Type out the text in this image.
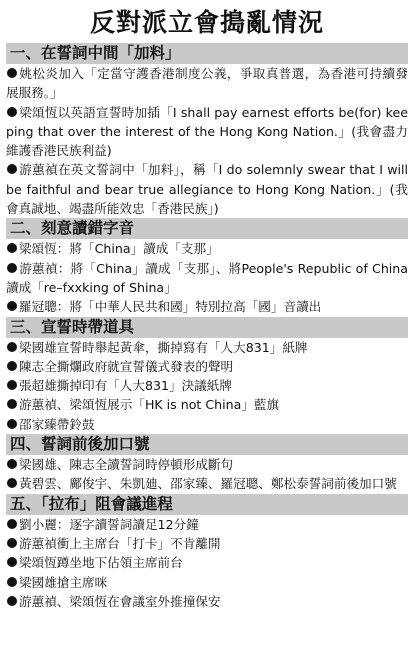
反對派立會搗亂情況
一、在誓詞中間「加料」
姚松炎加入「定當守護香港制度公義，爭取真普選，為香港可持續發展服務。」
梁頌恆以英語宣誓時加插「I shall pay earnest efforts be(for) keeping that over the interest of the Hong Kong Nation.」(我會盡力維護香港民族利益)
游蕙禎在英文誓詞中「加料」，稱「I do solemnly swear that I will be faithful and bear true allegiance to Hong Kong Nation.」(我會真誠地、竭盡所能效忠「香港民族」)
二、刻意讀錯字音
梁頌恆：將「China」讀成「支那」
游蕙禎：將「China」讀成「支那」、將People's Republic of China讀成「re–fxxking of Shina」
羅冠聰：將「中華人民共和國」特別拉高「國」音讀出
三、宣誓時帶道具
梁國雄宣誓時舉起黃傘，撕掉寫有「人大831」紙牌
陳志全撕爛政府就宣誓儀式發表的聲明
張超雄撕掉印有「人大831」決議紙牌
游蕙禎、梁頌恆展示「HK is not China」藍旗
邵家臻帶鈴鼓
四、誓詞前後加口號
梁國雄、陳志全讀誓詞時停頓形成斷句
黃碧雲、鄺俊宇、朱凱廸、邵家臻、羅冠聰、鄭松泰誓詞前後加口號
五、「拉布」阻會議進程
劉小麗：逐字讀誓詞讀足12分鐘
游蕙禎衝上主席台「打卡」不肯離開
梁頌恆蹲坐地下佔領主席前台
梁國雄搶主席咪
游蕙禎、梁頌恆在會議室外推撞保安
